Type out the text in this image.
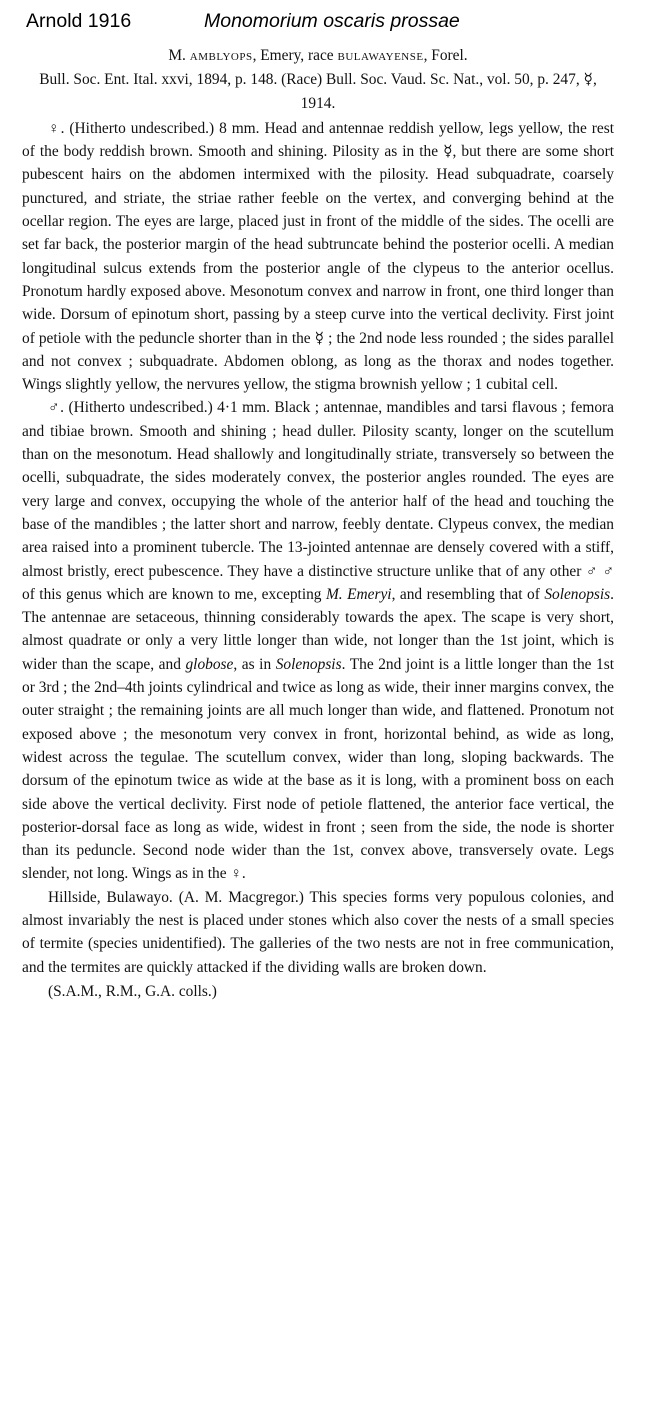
Arnold 1916	Monomorium oscaris prossae
M. amblyops, Emery, race bulawayense, Forel.
Bull. Soc. Ent. Ital. xxvi, 1894, p. 148. (Race) Bull. Soc. Vaud. Sc. Nat., vol. 50, p. 247, ☿, 1914.

♀. (Hitherto undescribed.) 8 mm. Head and antennae reddish yellow, legs yellow, the rest of the body reddish brown. Smooth and shining. Pilosity as in the ☿, but there are some short pubescent hairs on the abdomen intermixed with the pilosity. Head subquadrate, coarsely punctured, and striate, the striae rather feeble on the vertex, and converging behind at the ocellar region. The eyes are large, placed just in front of the middle of the sides. The ocelli are set far back, the posterior margin of the head subtruncate behind the posterior ocelli. A median longitudinal sulcus extends from the posterior angle of the clypeus to the anterior ocellus. Pronotum hardly exposed above. Mesonotum convex and narrow in front, one third longer than wide. Dorsum of epinotum short, passing by a steep curve into the vertical declivity. First joint of petiole with the peduncle shorter than in the ☿ ; the 2nd node less rounded ; the sides parallel and not convex ; subquadrate. Abdomen oblong, as long as the thorax and nodes together. Wings slightly yellow, the nervures yellow, the stigma brownish yellow ; 1 cubital cell.

♂. (Hitherto undescribed.) 4·1 mm. Black ; antennae, mandibles and tarsi flavous ; femora and tibiae brown. Smooth and shining ; head duller. Pilosity scanty, longer on the scutellum than on the mesonotum. Head shallowly and longitudinally striate, transversely so between the ocelli, subquadrate, the sides moderately convex, the posterior angles rounded. The eyes are very large and convex, occupying the whole of the anterior half of the head and touching the base of the mandibles ; the latter short and narrow, feebly dentate. Clypeus convex, the median area raised into a prominent tubercle. The 13-jointed antennae are densely covered with a stiff, almost bristly, erect pubescence. They have a distinctive structure unlike that of any other ♂ ♂ of this genus which are known to me, excepting M. Emeryi, and resembling that of Solenopsis. The antennae are setaceous, thinning considerably towards the apex. The scape is very short, almost quadrate or only a very little longer than wide, not longer than the 1st joint, which is wider than the scape, and globose, as in Solenopsis. The 2nd joint is a little longer than the 1st or 3rd ; the 2nd–4th joints cylindrical and twice as long as wide, their inner margins convex, the outer straight ; the remaining joints are all much longer than wide, and flattened. Pronotum not exposed above ; the mesonotum very convex in front, horizontal behind, as wide as long, widest across the tegulae. The scutellum convex, wider than long, sloping backwards. The dorsum of the epinotum twice as wide at the base as it is long, with a prominent boss on each side above the vertical declivity. First node of petiole flattened, the anterior face vertical, the posterior-dorsal face as long as wide, widest in front ; seen from the side, the node is shorter than its peduncle. Second node wider than the 1st, convex above, transversely ovate. Legs slender, not long. Wings as in the ♀.

Hillside, Bulawayo. (A. M. Macgregor.) This species forms very populous colonies, and almost invariably the nest is placed under stones which also cover the nests of a small species of termite (species unidentified). The galleries of the two nests are not in free communication, and the termites are quickly attacked if the dividing walls are broken down.

(S.A.M., R.M., G.A. colls.)
